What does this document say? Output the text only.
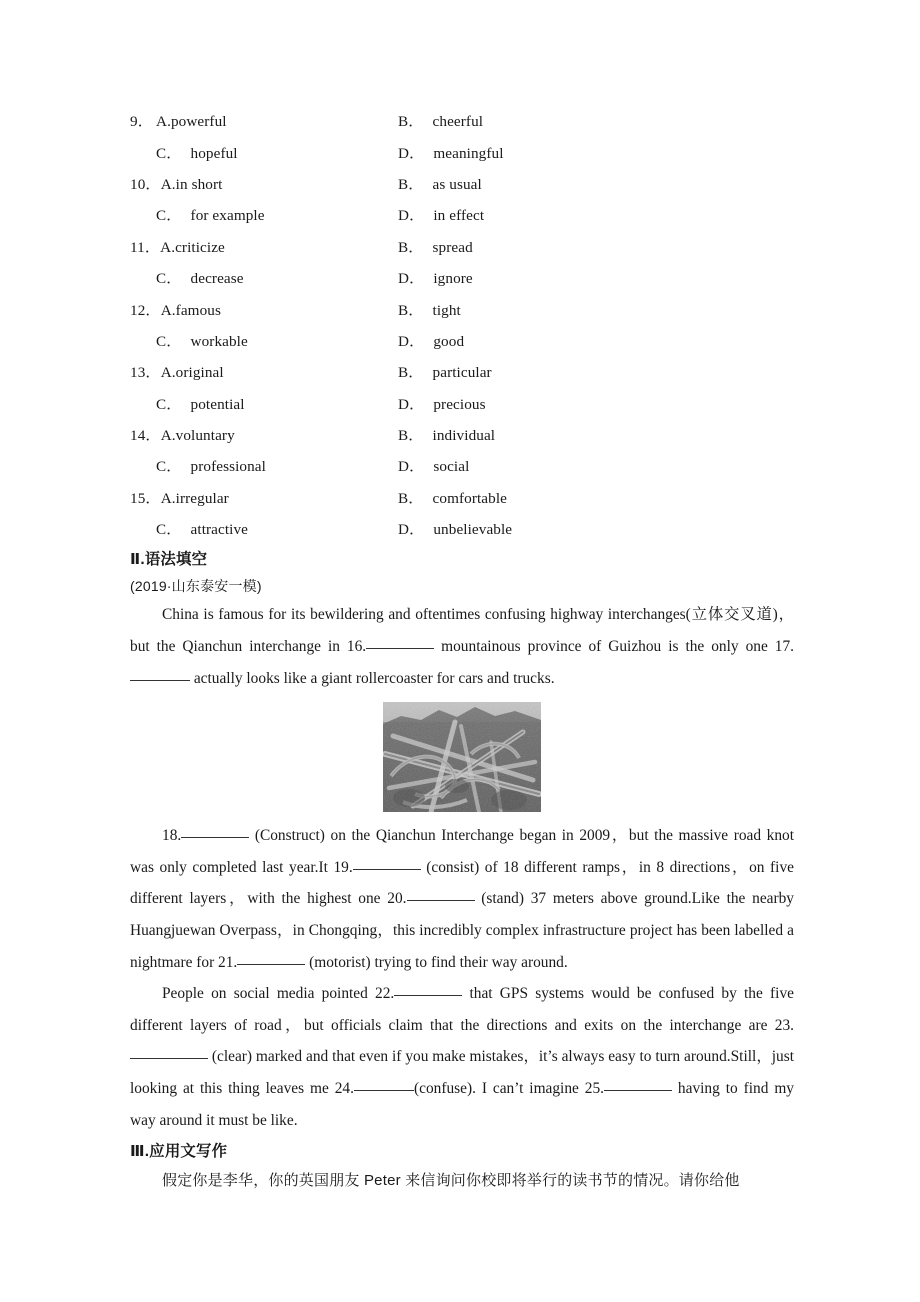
9． A.powerful	B． cheerful
C． hopeful	D． meaningful
10．A.in short	B． as usual
C． for example	D． in effect
11．A.criticize	B． spread
C． decrease	D． ignore
12．A.famous	B． tight
C． workable	D． good
13．A.original	B． particular
C． potential	D． precious
14．A.voluntary	B． individual
C． professional	D． social
15．A.irregular	B． comfortable
C． attractive	D． unbelievable
Ⅱ.语法填空
(2019·山东泰安一模)
China is famous for its bewildering and oftentimes confusing highway interchanges(立体交叉道)，but the Qianchun interchange in 16.	mountainous province of Guizhou is the only one 17. actually looks like a giant rollercoaster for cars and trucks.
18.	(Construct) on the Qianchun Interchange began in 2009，but the massive road knot was only completed last year.It 19.	(consist) of 18 different ramps，in 8 directions，on five different layers，with the highest one 20.	(stand) 37 meters above ground.Like the nearby Huangjuewan Overpass，in Chongqing，this incredibly complex infrastructure project has been labelled a nightmare for 21.	(motorist) trying to find their way around.
People on social media pointed 22.	that GPS systems would be confused by the five different layers of road，but officials claim that the directions and exits on the interchange are 23. (clear) marked and that even if you make mistakes，it’s always easy to turn around.Still，just looking at this thing leaves me 24.	(confuse). I can’t imagine 25.	having to find my way around it must be like.
Ⅲ.应用文写作
假定你是李华，你的英国朋友 Peter 来信询问你校即将举行的读书节的情况。请你给他
